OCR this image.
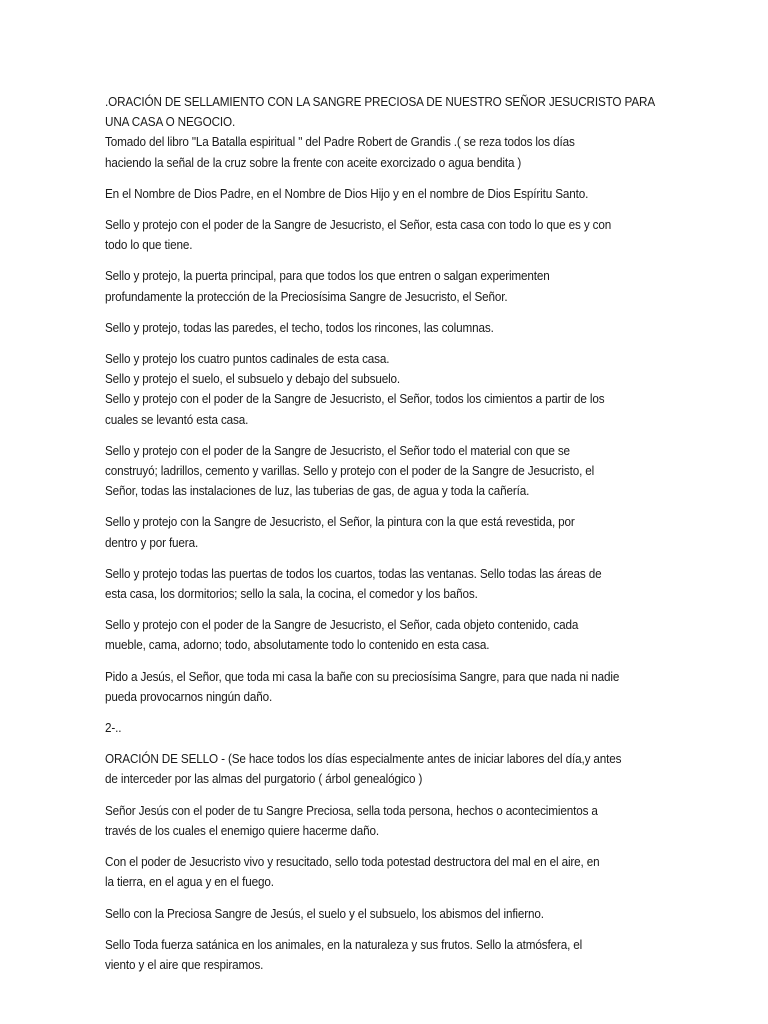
.ORACIÓN DE SELLAMIENTO CON LA SANGRE PRECIOSA DE NUESTRO SEÑOR JESUCRISTO PARA
UNA CASA O NEGOCIO.
Tomado del libro "La Batalla espiritual " del Padre Robert de Grandis .( se reza todos los días
haciendo la señal de la cruz sobre la frente con aceite exorcizado o agua bendita )
En el Nombre de Dios Padre, en el Nombre de Dios Hijo y en el nombre de Dios Espíritu Santo.
Sello y protejo con el poder de la Sangre de Jesucristo, el Señor, esta casa con todo lo que es y con
todo lo que tiene.
Sello y protejo, la puerta principal, para que todos los que entren o salgan experimenten
profundamente la protección de la Preciosísima Sangre de Jesucristo, el Señor.
Sello y protejo, todas las paredes, el techo, todos los rincones, las columnas.
Sello y protejo los cuatro puntos cadinales de esta casa.
Sello y protejo el suelo, el subsuelo y debajo del subsuelo.
Sello y protejo con el poder de la Sangre de Jesucristo, el Señor, todos los cimientos a partir de los
cuales se levantó esta casa.
Sello y protejo con el poder de la Sangre de Jesucristo, el Señor todo el material con que se
construyó; ladrillos, cemento y varillas. Sello y protejo con el poder de la Sangre de Jesucristo, el
Señor, todas las instalaciones de luz, las tuberias de gas, de agua y toda la cañería.
Sello y protejo con la Sangre de Jesucristo, el Señor, la pintura con la que está revestida, por
dentro y por fuera.
Sello y protejo todas las puertas de todos los cuartos, todas las ventanas. Sello todas las áreas de
esta casa, los dormitorios; sello la sala, la cocina, el comedor y los baños.
Sello y protejo con el poder de la Sangre de Jesucristo, el Señor, cada objeto contenido, cada
mueble, cama, adorno; todo, absolutamente todo lo contenido en esta casa.
Pido a Jesús, el Señor, que toda mi casa la bañe con su preciosísima Sangre, para que nada ni nadie
pueda provocarnos ningún daño.
2-..
ORACIÓN DE SELLO - (Se hace todos los días especialmente antes de iniciar labores del día,y antes
de interceder por las almas del purgatorio ( árbol genealógico )
Señor Jesús con el poder de tu Sangre Preciosa, sella toda persona, hechos o acontecimientos a
través de los cuales el enemigo quiere hacerme daño.
Con el poder de Jesucristo vivo y resucitado, sello toda potestad destructora del mal en el aire, en
la tierra, en el agua y en el fuego.
Sello con la Preciosa Sangre de Jesús, el suelo y el subsuelo, los abismos del infierno.
Sello Toda fuerza satánica en los animales, en la naturaleza y sus frutos. Sello la atmósfera, el
viento y el aire que respiramos.
